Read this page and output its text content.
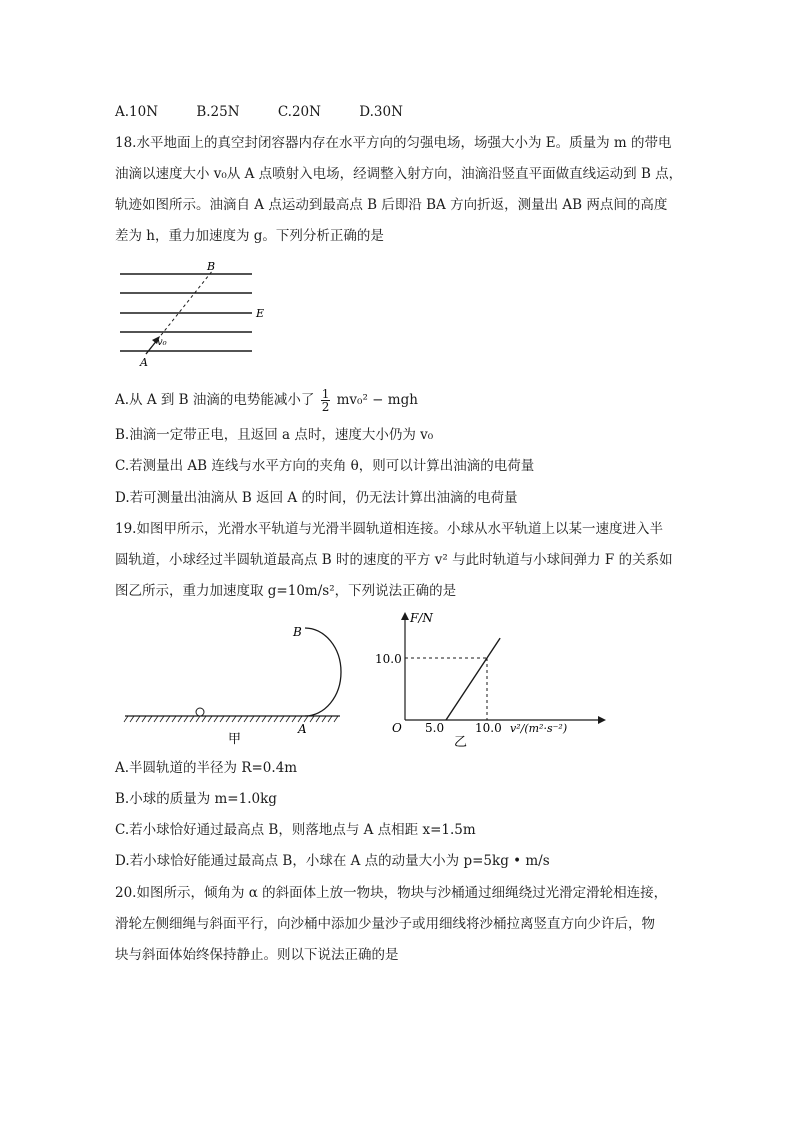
A.10N	B.25N	C.20N	D.30N
18.水平地面上的真空封闭容器内存在水平方向的匀强电场，场强大小为 E。质量为 m 的带电
油滴以速度大小 v₀从 A 点喷射入电场，经调整入射方向，油滴沿竖直平面做直线运动到 B 点，
轨迹如图所示。油滴自 A 点运动到最高点 B 后即沿 BA 方向折返，测量出 AB 两点间的高度
差为 h，重力加速度为 g。下列分析正确的是
B
E
v₀
A
A.从 A 到 B 油滴的电势能减小了 $\frac{1}{2} mv_0^2$ − mgh
B.油滴一定带正电，且返回 a 点时，速度大小仍为 v₀
C.若测量出 AB 连线与水平方向的夹角 θ，则可以计算出油滴的电荷量
D.若可测量出油滴从 B 返回 A 的时间，仍无法计算出油滴的电荷量
19.如图甲所示，光滑水平轨道与光滑半圆轨道相连接。小球从水平轨道上以某一速度进入半
圆轨道，小球经过半圆轨道最高点 B 时的速度的平方 v² 与此时轨道与小球间弹力 F 的关系如
图乙所示，重力加速度取 g=10m/s²，下列说法正确的是
B
A
甲
F/N
10.0
O 5.0	10.0 v²/(m²·s⁻²)
乙
A.半圆轨道的半径为 R=0.4m
B.小球的质量为 m=1.0kg
C.若小球恰好通过最高点 B，则落地点与 A 点相距 x=1.5m
D.若小球恰好能通过最高点 B，小球在 A 点的动量大小为 p=5kg • m/s
20.如图所示，倾角为 α 的斜面体上放一物块，物块与沙桶通过细绳绕过光滑定滑轮相连接，
滑轮左侧细绳与斜面平行，向沙桶中添加少量沙子或用细线将沙桶拉离竖直方向少许后，物
块与斜面体始终保持静止。则以下说法正确的是
